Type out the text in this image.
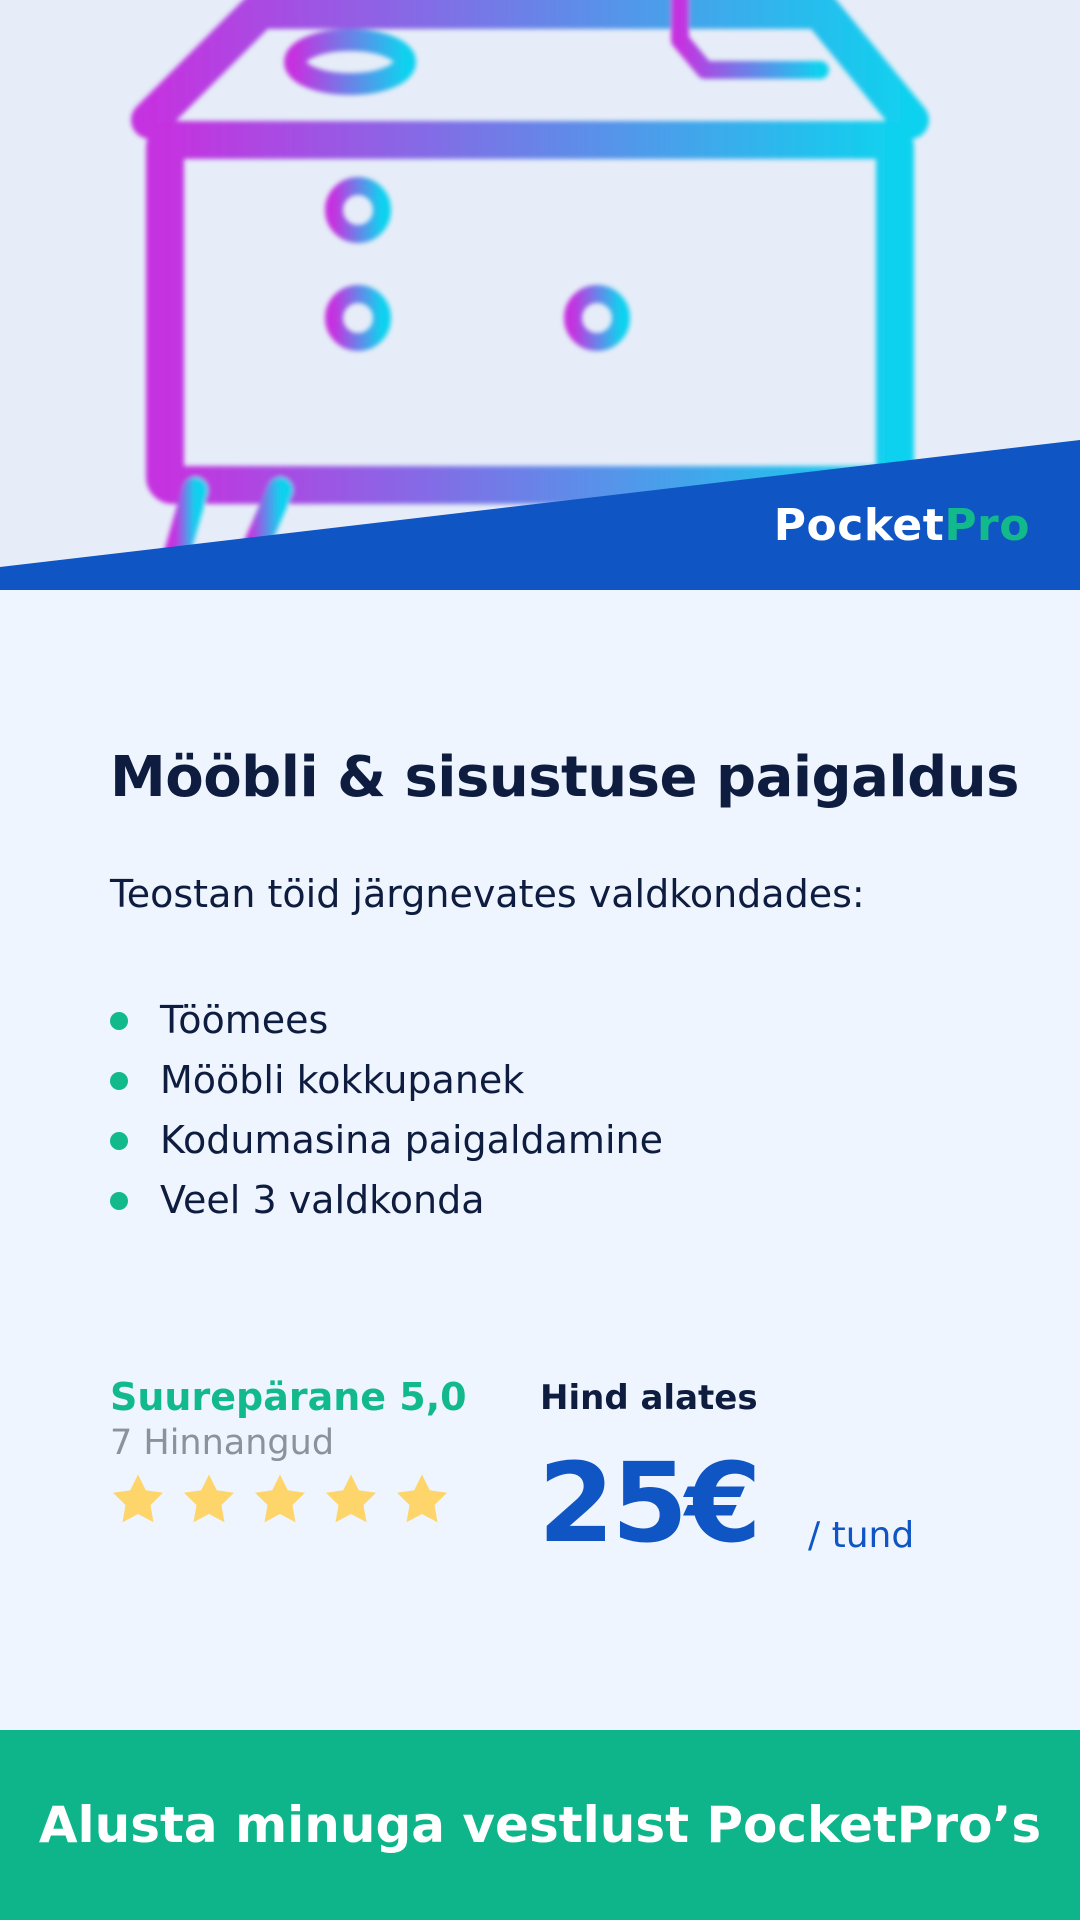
PocketPro
Mööbli & sisustuse paigaldus
Teostan töid järgnevates valdkondades:
Töömees
Mööbli kokkupanek
Kodumasina paigaldamine
Veel 3 valdkonda
Suurepärane 5,0
7 Hinnangud
Hind alates
25€ / tund
Alusta minuga vestlust PocketPro’s
